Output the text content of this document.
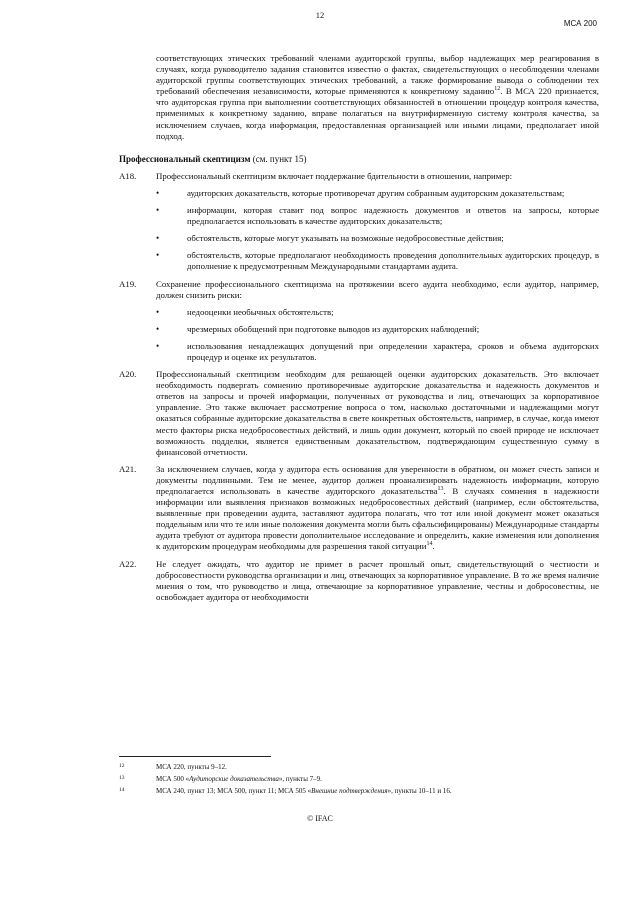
12
МСА 200
соответствующих этических требований членами аудиторской группы, выбор надлежащих мер реагирования в случаях, когда руководителю задания становится известно о фактах, свидетельствующих о несоблюдении членами аудиторской группы соответствующих этических требований, а также формирование вывода о соблюдении тех требований обеспечения независимости, которые применяются к конкретному заданию$^{12}$. В МСА 220 признается, что аудиторская группа при выполнении соответствующих обязанностей в отношении процедур контроля качества, применимых к конкретному заданию, вправе полагаться на внутрифирменную систему контроля качества, за исключением случаев, когда информация, предоставленная организацией или иными лицами, предполагает иной подход.
Профессиональный скептицизм (см. пункт 15)
A18. Профессиональный скептицизм включает поддержание бдительности в отношении, например:
•	аудиторских доказательств, которые противоречат другим собранным аудиторским доказательствам;
•	информации, которая ставит под вопрос надежность документов и ответов на запросы, которые предполагается использовать в качестве аудиторских доказательств;
•	обстоятельств, которые могут указывать на возможные недобросовестные действия;
•	обстоятельств, которые предполагают необходимость проведения дополнительных аудиторских процедур, в дополнение к предусмотренным Международными стандартами аудита.
A19. Сохранение профессионального скептицизма на протяжении всего аудита необходимо, если аудитор, например, должен снизить риски:
•	недооценки необычных обстоятельств;
•	чрезмерных обобщений при подготовке выводов из аудиторских наблюдений;
•	использования ненадлежащих допущений при определении характера, сроков и объема аудиторских процедур и оценке их результатов.
A20. Профессиональный скептицизм необходим для решающей оценки аудиторских доказательств. Это включает необходимость подвергать сомнению противоречивые аудиторские доказательства и надежность документов и ответов на запросы и прочей информации, полученных от руководства и лиц, отвечающих за корпоративное управление. Это также включает рассмотрение вопроса о том, насколько достаточными и надлежащими могут оказаться собранные аудиторские доказательства в свете конкретных обстоятельств, например, в случае, когда имеют место факторы риска недобросовестных действий, и лишь один документ, который по своей природе не исключает возможность подделки, является единственным доказательством, подтверждающим существенную сумму в финансовой отчетности.
A21. За исключением случаев, когда у аудитора есть основания для уверенности в обратном, он может счесть записи и документы подлинными. Тем не менее, аудитор должен проанализировать надежность информации, которую предполагается использовать в качестве аудиторского доказательства$^{13}$. В случаях сомнения в надежности информации или выявления признаков возможных недобросовестных действий (например, если обстоятельства, выявленные при проведении аудита, заставляют аудитора полагать, что тот или иной документ может оказаться поддельным или что те или иные положения документа могли быть сфальсифицированы) Международные стандарты аудита требуют от аудитора провести дополнительное исследование и определить, какие изменения или дополнения к аудиторским процедурам необходимы для разрешения такой ситуации$^{14}$.
A22. Не следует ожидать, что аудитор не примет в расчет прошлый опыт, свидетельствующий о честности и добросовестности руководства организации и лиц, отвечающих за корпоративное управление. В то же время наличие мнения о том, что руководство и лица, отвечающие за корпоративное управление, честны и добросовестны, не освобождает аудитора от необходимости
12	МСА 220, пункты 9–12.
13	МСА 500 «Аудиторские доказательства», пункты 7–9.
14	МСА 240, пункт 13; МСА 500, пункт 11; МСА 505 «Внешние подтверждения», пункты 10–11 и 16.
© IFAC
